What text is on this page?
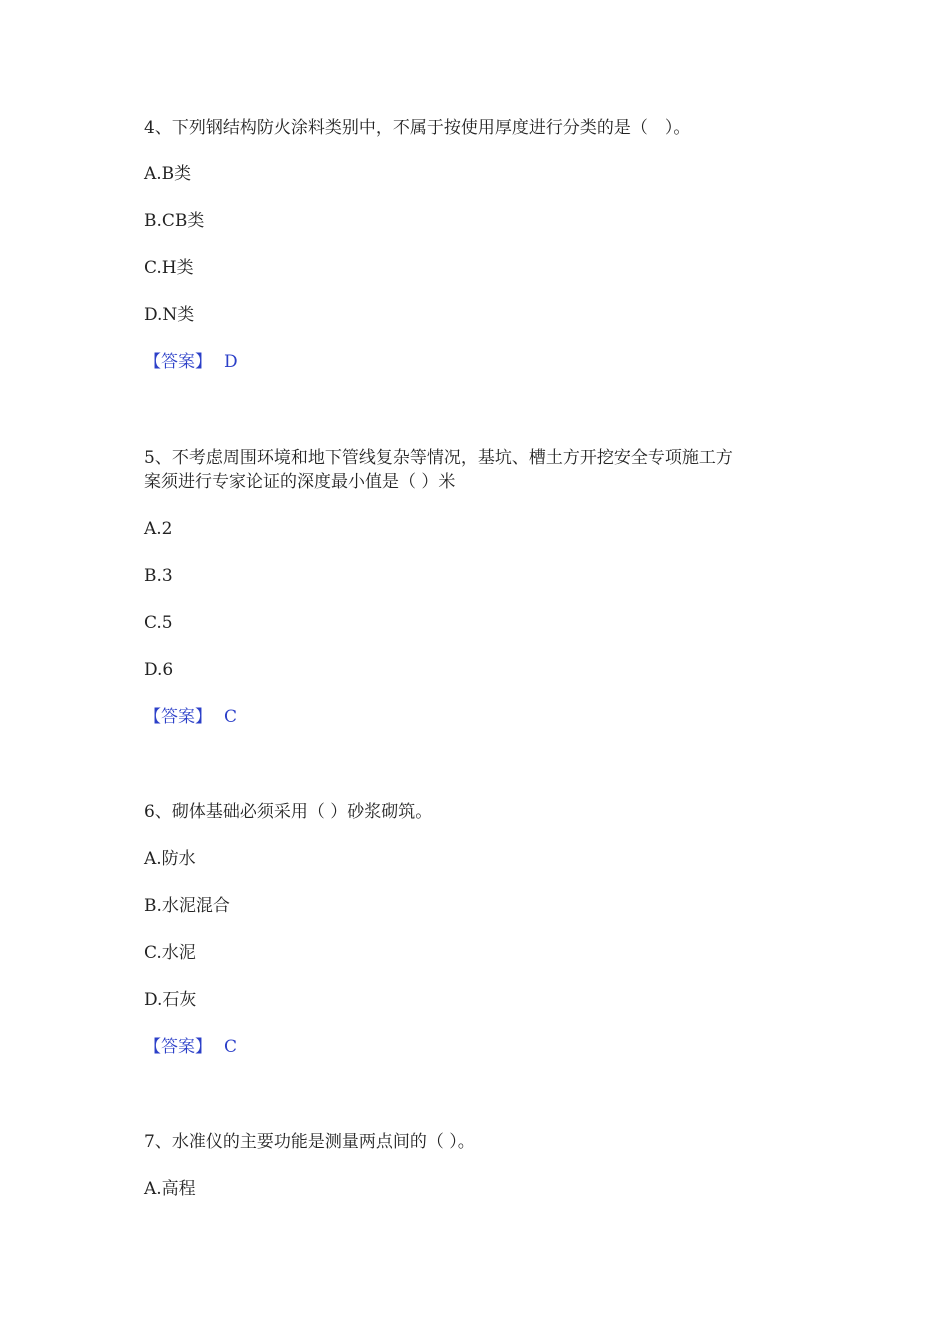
4、下列钢结构防火涂料类别中，不属于按使用厚度进行分类的是（　）。
A.B类
B.CB类
C.H类
D.N类
【答案】 D
5、不考虑周围环境和地下管线复杂等情况，基坑、槽土方开挖安全专项施工方
案须进行专家论证的深度最小值是（ ）米
A.2
B.3
C.5
D.6
【答案】 C
6、砌体基础必须采用（ ）砂浆砌筑。
A.防水
B.水泥混合
C.水泥
D.石灰
【答案】 C
7、水准仪的主要功能是测量两点间的（ ）。
A.高程
